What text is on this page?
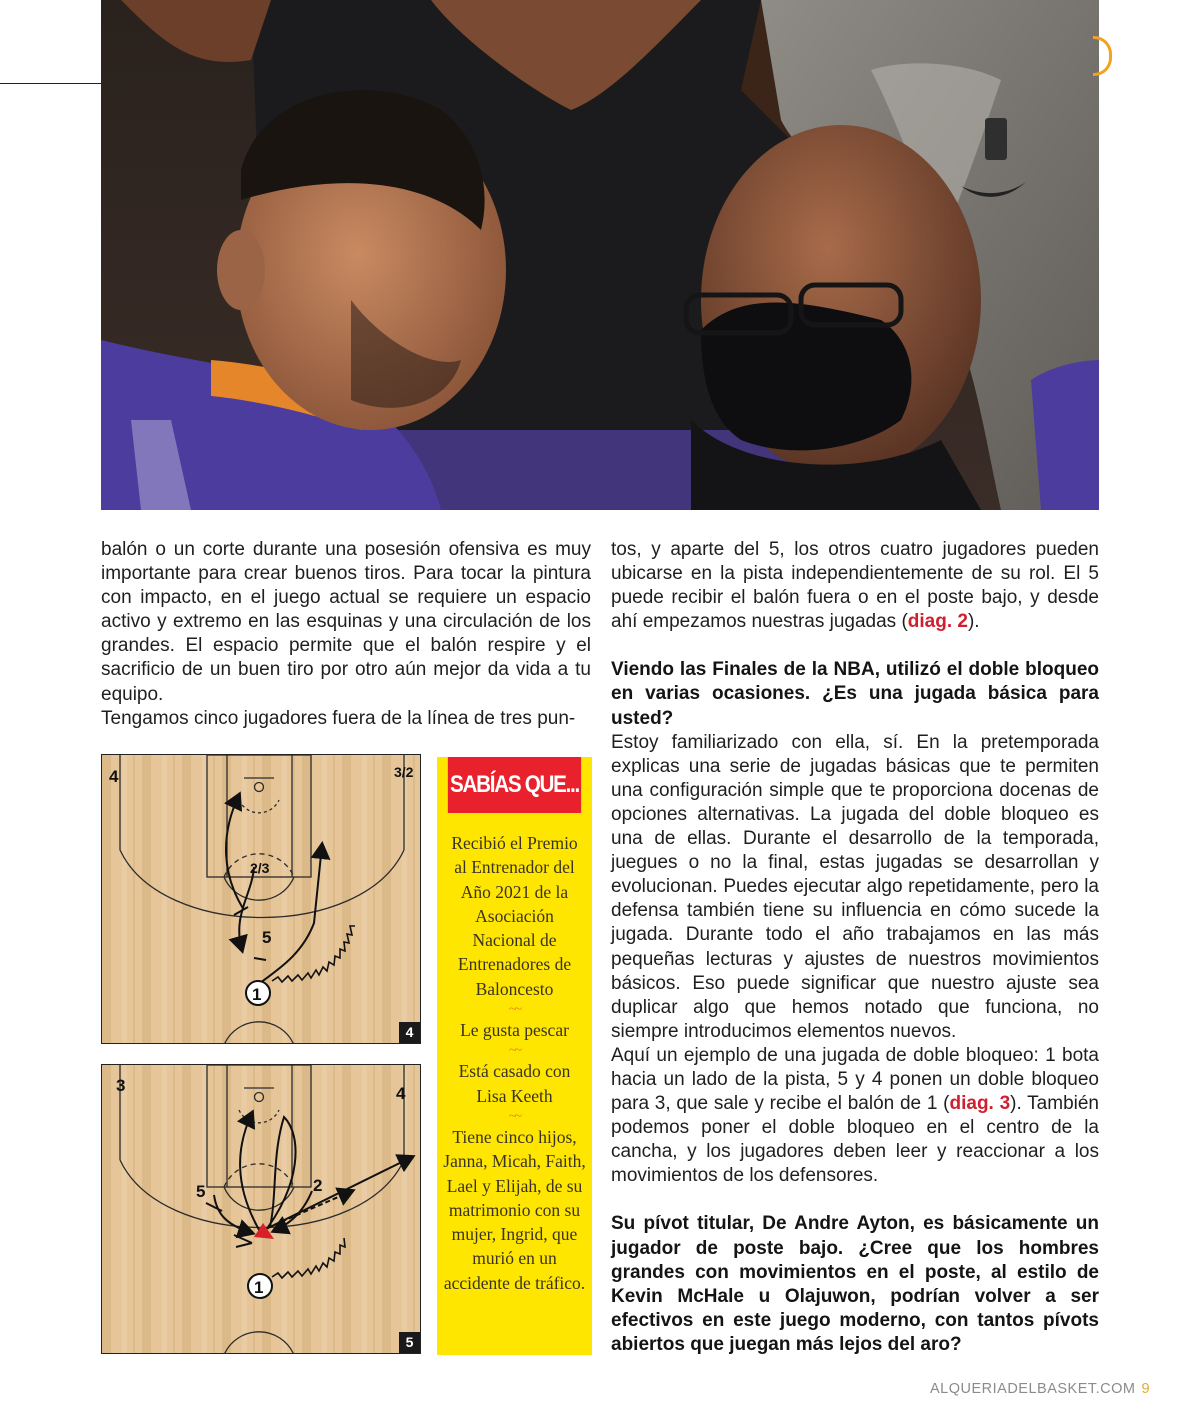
balón o un corte durante una posesión ofensiva es muy importante para crear buenos tiros. Para tocar la pintura con impacto, en el juego actual se requiere un espacio activo y extremo en las esquinas y una circulación de los grandes. El espacio permite que el balón respire y el sacrificio de un buen tiro por otro aún mejor da vida a tu equipo.

Tengamos cinco jugadores fuera de la línea de tres pun-

tos, y aparte del 5, los otros cuatro jugadores pueden ubicarse en la pista independientemente de su rol. El 5 puede recibir el balón fuera o en el poste bajo, y desde ahí empezamos nuestras jugadas (diag. 2).

Viendo las Finales de la NBA, utilizó el doble bloqueo en varias ocasiones. ¿Es una jugada básica para usted?

Estoy familiarizado con ella, sí. En la pretemporada explicas una serie de jugadas básicas que te permiten una configuración simple que te proporciona docenas de opciones alternativas. La jugada del doble bloqueo es una de ellas. Durante el desarrollo de la temporada, juegues o no la final, estas jugadas se desarrollan y evolucionan. Puedes ejecutar algo repetidamente, pero la defensa también tiene su influencia en cómo sucede la jugada. Durante todo el año trabajamos en las más pequeñas lecturas y ajustes de nuestros movimientos básicos. Eso puede significar que nuestro ajuste sea duplicar algo que hemos notado que funciona, no siempre introducimos elementos nuevos.

Aquí un ejemplo de una jugada de doble bloqueo: 1 bota hacia un lado de la pista, 5 y 4 ponen un doble bloqueo para 3, que sale y recibe el balón de 1 (diag. 3). También podemos poner el doble bloqueo en el centro de la cancha, y los jugadores deben leer y reaccionar a los movimientos de los defensores.

Su pívot titular, De Andre Ayton, es básicamente un jugador de poste bajo. ¿Cree que los hombres grandes con movimientos en el poste, al estilo de Kevin McHale u Olajuwon, podrían volver a ser efectivos en este juego moderno, con tantos pívots abiertos que juegan más lejos del aro?

4	3/2
2/3
5
1
4
3	4
5	2
1
5
SABÍAS QUE...
Recibió el Premio al Entrenador del Año 2021 de la Asociación Nacional de Entrenadores de Baloncesto
~~
Le gusta pescar
~~
Está casado con Lisa Keeth
~~
Tiene cinco hijos, Janna, Micah, Faith, Lael y Elijah, de su matrimonio con su mujer, Ingrid, que murió en un accidente de tráfico.
ALQUERIADELBASKET.COM 9
